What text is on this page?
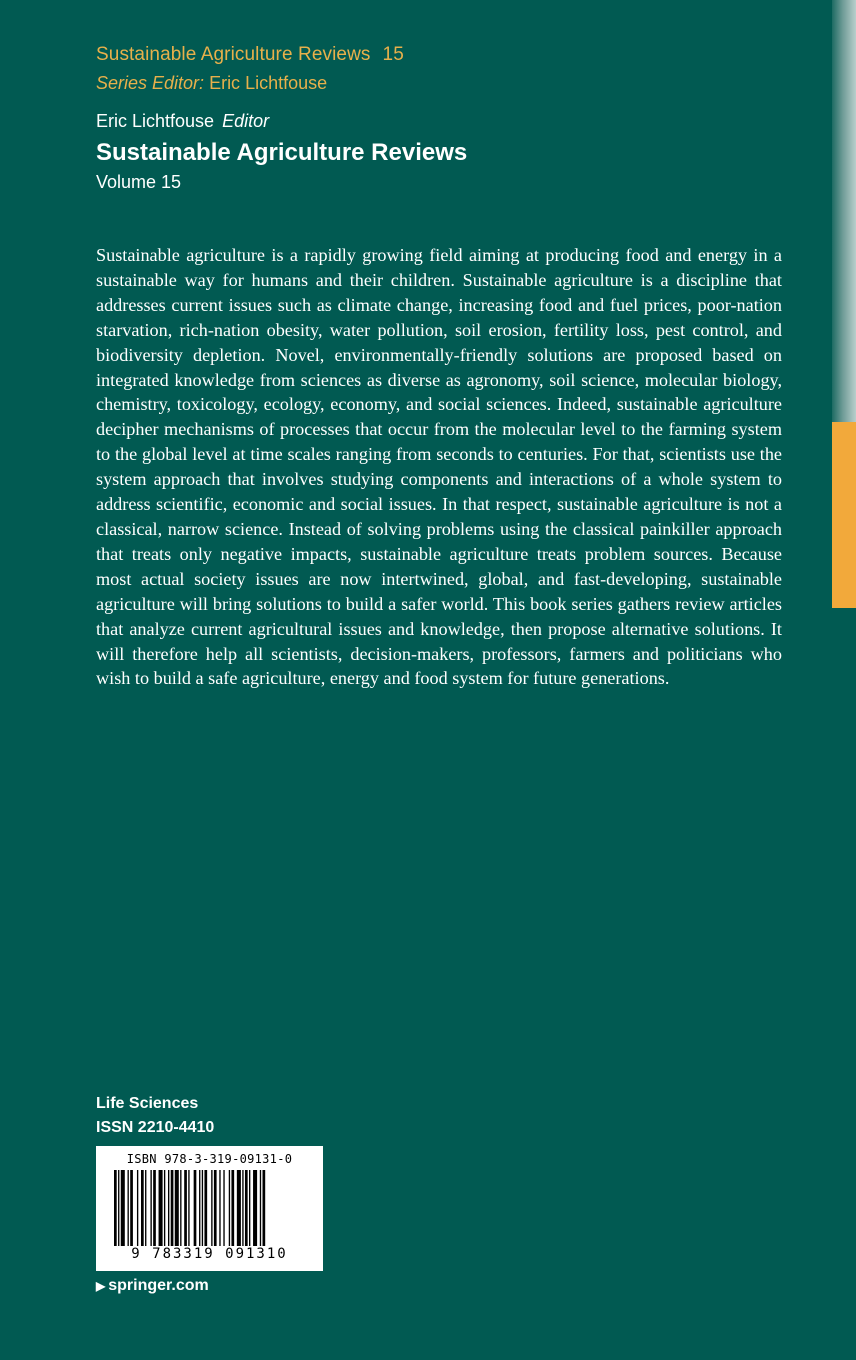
Sustainable Agriculture Reviews 15
Series Editor: Eric Lichtfouse
Eric Lichtfouse Editor
Sustainable Agriculture Reviews
Volume 15

Sustainable agriculture is a rapidly growing field aiming at producing food and energy in a sustainable way for humans and their children. Sustainable agriculture is a discipline that addresses current issues such as climate change, increasing food and fuel prices, poor-nation starvation, rich-nation obesity, water pollution, soil erosion, fertility loss, pest control, and biodiversity depletion. Novel, environmentally-friendly solutions are proposed based on integrated knowledge from sciences as diverse as agronomy, soil science, molecular biology, chemistry, toxicology, ecology, economy, and social sciences. Indeed, sustainable agriculture decipher mechanisms of processes that occur from the molecular level to the farming system to the global level at time scales ranging from seconds to centuries. For that, scientists use the system approach that involves studying components and interactions of a whole system to address scientific, economic and social issues. In that respect, sustainable agriculture is not a classical, narrow science. Instead of solving problems using the classical painkiller approach that treats only negative impacts, sustainable agriculture treats problem sources. Because most actual society issues are now intertwined, global, and fast-developing, sustainable agriculture will bring solutions to build a safer world. This book series gathers review articles that analyze current agricultural issues and knowledge, then propose alternative solutions. It will therefore help all scientists, decision-makers, professors, farmers and politicians who wish to build a safe agriculture, energy and food system for future generations.

Life Sciences
ISSN 2210-4410
ISBN 978-3-319-09131-0
9 783319 091310
▶ springer.com
